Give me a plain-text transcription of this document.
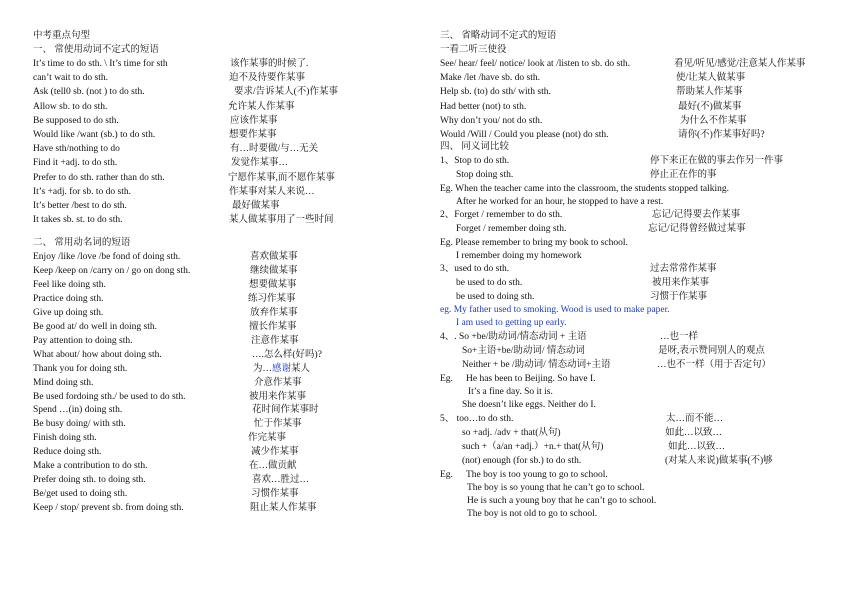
中考重点句型
一、 常使用动词不定式的短语
It’s time to do sth. \ It’s time for sth	该作某事的时候了.
can’t wait to do sth.	迫不及待要作某事
Ask (tell0 sb. (not ) to do sth.	要求/告诉某人(不)作某事
Allow sb. to do sth.	允许某人作某事
Be supposed to do sth.	应该作某事
Would like /want (sb.) to do sth.	想要作某事
Have sth/nothing to do	有…时要做/与…无关
Find it +adj. to do sth.	发觉作某事…
Prefer to do sth. rather than do sth.	宁愿作某事,而不愿作某事
It’s +adj. for sb. to do sth.	作某事对某人来说…
It’s better /best to do sth.	最好做某事
It takes sb. st. to do sth.	某人做某事用了一些时间
二、 常用动名词的短语
Enjoy /like /love /be fond of doing sth.	喜欢做某事
Keep /keep on /carry on / go on dong sth.	继续做某事
Feel like doing sth.	想要做某事
Practice doing sth.	练习作某事
Give up doing sth.	放弃作某事
Be good at/ do well in doing sth.	擅长作某事
Pay attention to doing sth.	注意作某事
What about/ how about doing sth.	….怎么样(好吗)?
Thank you for doing sth.	为…感谢某人
Mind doing sth.	介意作某事
Be used fordoing sth./ be used to do sth.	被用来作某事
Spend …(in) doing sth.	花时间作某事时
Be busy doing/ with sth.	忙于作某事
Finish doing sth.	作完某事
Reduce doing sth.	减少作某事
Make a contribution to do sth.	在…做贡献
Prefer doing sth. to doing sth.	喜欢…胜过…
Be/get used to doing sth.	习惯作某事
Keep / stop/ prevent sb. from doing sth.	阻止某人作某事
三、 省略动词不定式的短语
一看二听三使役
See/ hear/ feel/ notice/ look at /listen to sb. do sth.	看见/听见/感觉/注意某人作某事
Make /let /have sb. do sth.	使/让某人做某事
Help sb. (to) do sth/ with sth.	帮助某人作某事
Had better (not) to sth.	最好(不)做某事
Why don’t you/ not do sth.	为什么不作某事
Would /Will / Could you please (not) do sth.	请你(不)作某事好吗?
四、 同义词比较
1、Stop to do sth.	停下来正在做的事去作另一件事
Stop doing sth.	停止正在作的事
Eg. When the teacher came into the classroom, the students stopped talking.
After he worked for an hour, he stopped to have a rest.
2、Forget / remember to do sth.	忘记/记得要去作某事
Forget / remember doing sth.	忘记/记得曾经做过某事
Eg. Please remember to bring my book to school.
I remember doing my homework
3、used to do sth.	过去常常作某事
be used to do sth.	被用来作某事
be used to doing sth.	习惯于作某事
eg. My father used to smoking. Wood is used to make paper.
I am used to getting up early.
4、. So +be/助动词/情态动词 + 主语	…也一样
So+主语+be/助动词/ 情态动词	是呀,表示赞同别人的观点
Neither + be /助动词/ 情态动词+主语	…也不一样（用于否定句）
Eg. He has been to Beijing. So have I.
It’s a fine day. So it is.
She doesn’t like eggs. Neither do I.
5、 too…to do sth.	太…而不能…
so +adj. /adv + that(从句)	如此…以致…
such +（a/an +adj.）+n.+ that(从句)	如此…以致…
(not) enough (for sb.) to do sth.	(对某人来说)做某事(不)够
Eg. The boy is too young to go to school.
The boy is so young that he can’t go to school.
He is such a young boy that he can’t go to school.
The boy is not old to go to school.
